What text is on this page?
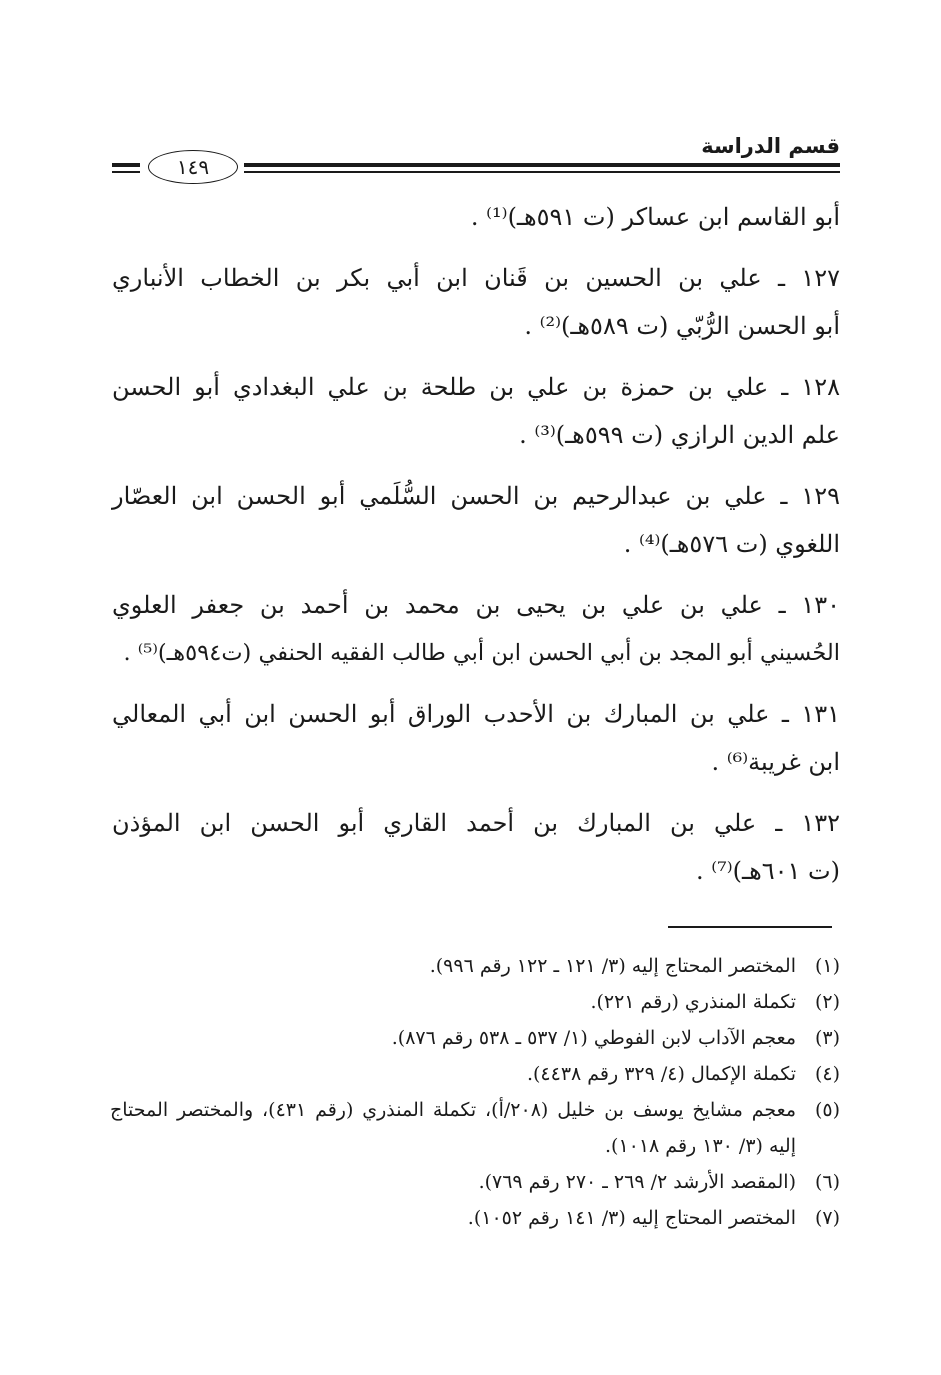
قسم الدراسة
١٤٩
أبو القاسم ابن عساكر (ت ٥٩١هـ)⁽¹⁾ .
١٢٧ ـ علي بن الحسين بن قَنان ابن أبي بكر بن الخطاب الأنباري
أبو الحسن الرُّبّي (ت ٥٨٩هـ)⁽²⁾ .
١٢٨ ـ علي بن حمزة بن علي بن طلحة بن علي البغدادي أبو الحسن
علم الدين الرازي (ت ٥٩٩هـ)⁽³⁾ .
١٢٩ ـ علي بن عبدالرحيم بن الحسن السُّلَمي أبو الحسن ابن العصّار
اللغوي (ت ٥٧٦هـ)⁽⁴⁾ .
١٣٠ ـ علي بن علي بن يحيى بن محمد بن أحمد بن جعفر العلوي
الحُسيني أبو المجد بن أبي الحسن ابن أبي طالب الفقيه الحنفي (ت٥٩٤هـ)⁽⁵⁾ .
١٣١ ـ علي بن المبارك بن الأحدب الوراق أبو الحسن ابن أبي المعالي
ابن غريبة⁽⁶⁾ .
١٣٢ ـ علي بن المبارك بن أحمد القاري أبو الحسن ابن المؤذن
(ت ٦٠١هـ)⁽⁷⁾ .
(١)
المختصر المحتاج إليه (٣/ ١٢١ ـ ١٢٢ رقم ٩٩٦).
(٢)
تكملة المنذري (رقم ٢٢١).
(٣)
معجم الآداب لابن الفوطي (١/ ٥٣٧ ـ ٥٣٨ رقم ٨٧٦).
(٤)
تكملة الإكمال (٤/ ٣٢٩ رقم ٤٤٣٨).
(٥)
معجم مشايخ يوسف بن خليل (٢٠٨/أ)، تكملة المنذري (رقم ٤٣١)، والمختصر المحتاج إليه (٣/ ١٣٠ رقم ١٠١٨).
(٦)
(المقصد الأرشد ٢/ ٢٦٩ ـ ٢٧٠ رقم ٧٦٩).
(٧)
المختصر المحتاج إليه (٣/ ١٤١ رقم ١٠٥٢).
